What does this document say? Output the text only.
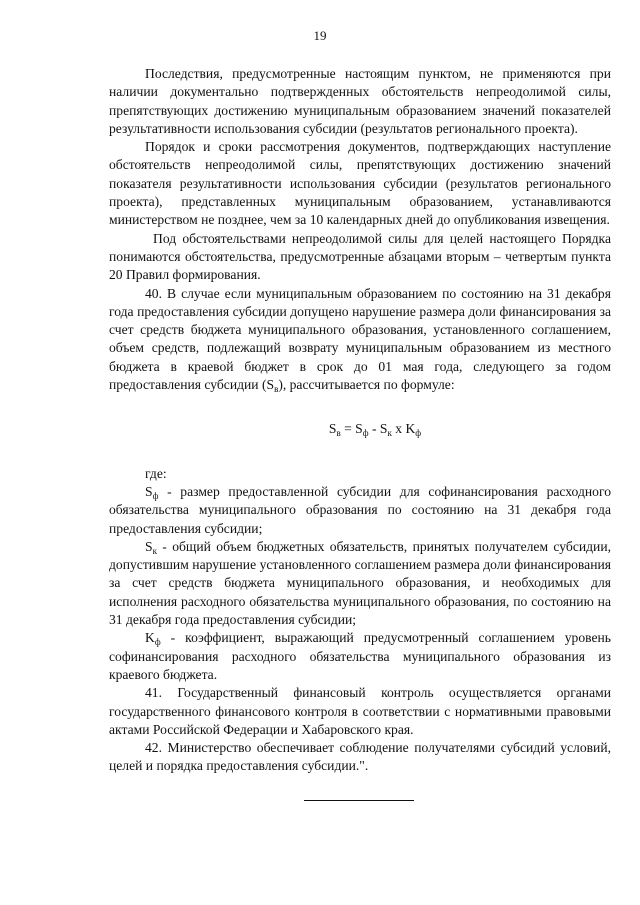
19

Последствия, предусмотренные настоящим пунктом, не применяются при наличии документально подтвержденных обстоятельств непреодолимой силы, препятствующих достижению муниципальным образованием значений показателей результативности использования субсидии (результатов регионального проекта).

Порядок и сроки рассмотрения документов, подтверждающих наступление обстоятельств непреодолимой силы, препятствующих достижению значений показателя результативности использования субсидии (результатов регионального проекта), представленных муниципальным образованием, устанавливаются министерством не позднее, чем за 10 календарных дней до опубликования извещения.

Под обстоятельствами непреодолимой силы для целей настоящего Порядка понимаются обстоятельства, предусмотренные абзацами вторым – четвертым пункта 20 Правил формирования.

40. В случае если муниципальным образованием по состоянию на 31 декабря года предоставления субсидии допущено нарушение размера доли финансирования за счет средств бюджета муниципального образования, установленного соглашением, объем средств, подлежащий возврату муниципальным образованием из местного бюджета в краевой бюджет в срок до 01 мая года, следующего за годом предоставления субсидии $(S_в)$, рассчитывается по формуле:

$S_в = S_ф - S_к$ x $K_ф$

где:

$S_ф$ - размер предоставленной субсидии для софинансирования расходного обязательства муниципального образования по состоянию на 31 декабря года предоставления субсидии;

$S_к$ - общий объем бюджетных обязательств, принятых получателем субсидии, допустившим нарушение установленного соглашением размера доли финансирования за счет средств бюджета муниципального образования, и необходимых для исполнения расходного обязательства муниципального образования, по состоянию на 31 декабря года предоставления субсидии;

$K_ф$ - коэффициент, выражающий предусмотренный соглашением уровень софинансирования расходного обязательства муниципального образования из краевого бюджета.

41. Государственный финансовый контроль осуществляется органами государственного финансового контроля в соответствии с нормативными правовыми актами Российской Федерации и Хабаровского края.

42. Министерство обеспечивает соблюдение получателями субсидий условий, целей и порядка предоставления субсидии.".
